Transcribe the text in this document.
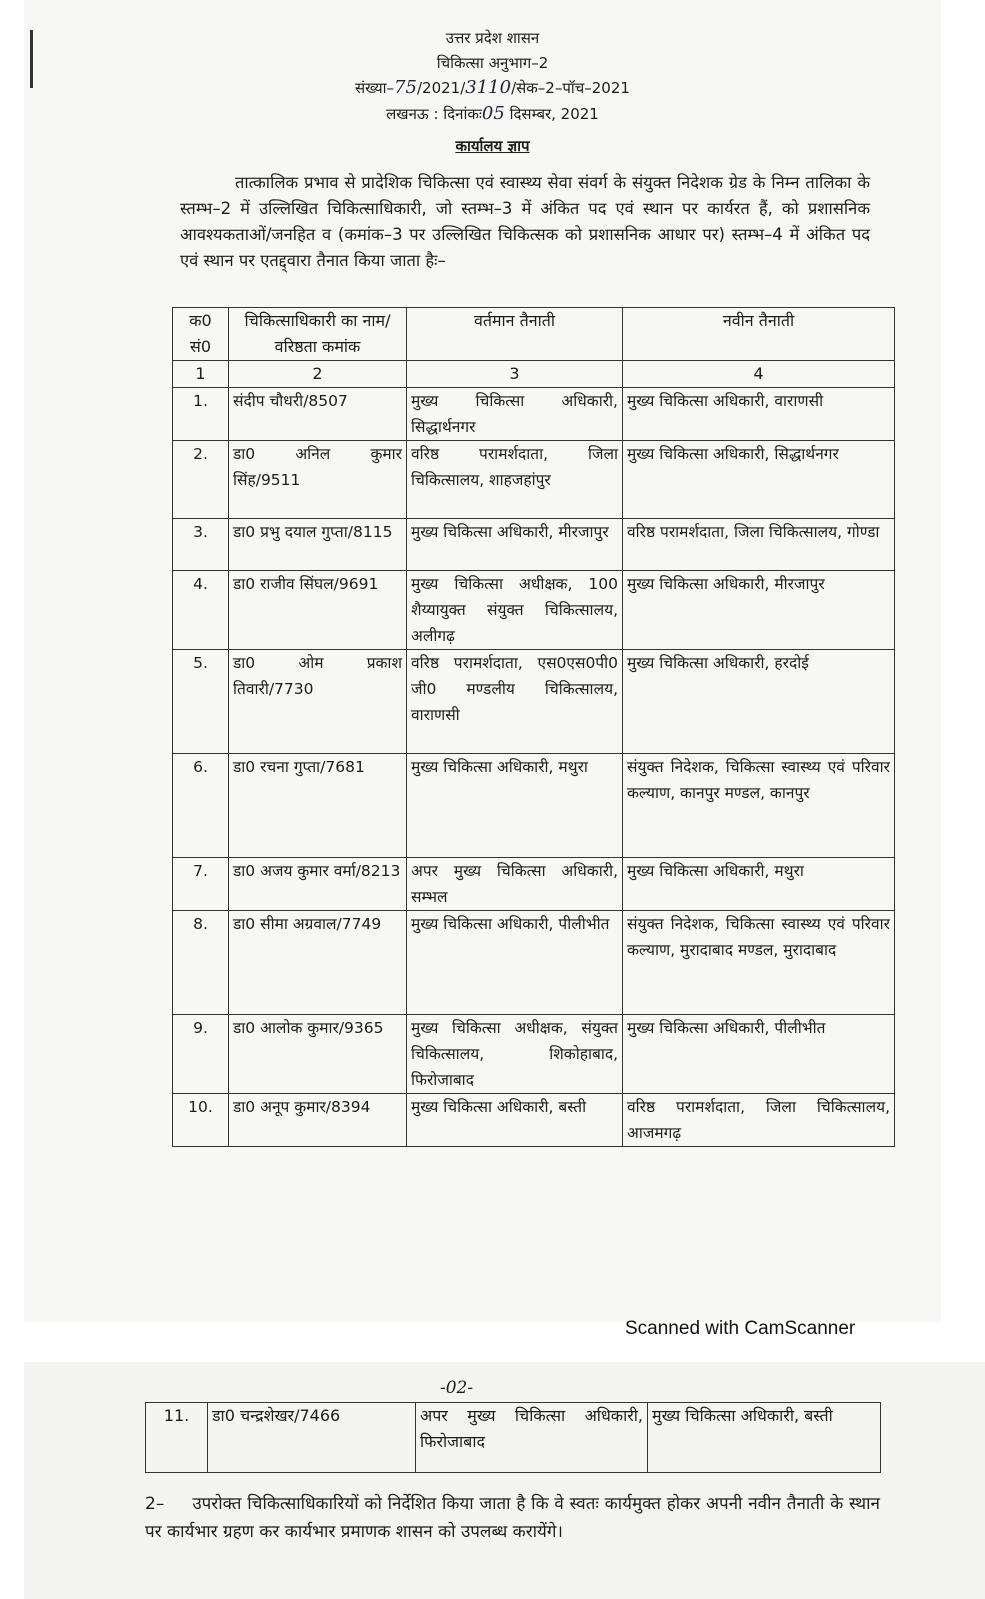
उत्तर प्रदेश शासन
चिकित्सा अनुभाग–2
संख्या–75/2021/3110/सेक–2–पॉच–2021
लखनऊ : दिनांकः05 दिसम्बर, 2021
कार्यालय ज्ञाप

तात्कालिक प्रभाव से प्रादेशिक चिकित्सा एवं स्वास्थ्य सेवा संवर्ग के संयुक्त निदेशक ग्रेड के निम्न तालिका के स्तम्भ–2 में उल्लिखित चिकित्साधिकारी, जो स्तम्भ–3 में अंकित पद एवं स्थान पर कार्यरत हैं, को प्रशासनिक आवश्यकताओं/जनहित व (कमांक–3 पर उल्लिखित चिकित्सक को प्रशासनिक आधार पर) स्तम्भ–4 में अंकित पद एवं स्थान पर एतद्द्वारा तैनात किया जाता हैः–

क0 सं0	चिकित्साधिकारी का नाम/वरिष्ठता कमांक	वर्तमान तैनाती	नवीन तैनाती
1	2	3	4
1.	संदीप चौधरी/8507	मुख्य चिकित्सा अधिकारी, सिद्धार्थनगर	मुख्य चिकित्सा अधिकारी, वाराणसी
2.	डा0 अनिल कुमार सिंह/9511	वरिष्ठ परामर्शदाता, जिला चिकित्सालय, शाहजहांपुर	मुख्य चिकित्सा अधिकारी, सिद्धार्थनगर
3.	डा0 प्रभु दयाल गुप्ता/8115	मुख्य चिकित्सा अधिकारी, मीरजापुर	वरिष्ठ परामर्शदाता, जिला चिकित्सालय, गोण्डा
4.	डा0 राजीव सिंघल/9691	मुख्य चिकित्सा अधीक्षक, 100 शैय्यायुक्त संयुक्त चिकित्सालय, अलीगढ़	मुख्य चिकित्सा अधिकारी, मीरजापुर
5.	डा0 ओम प्रकाश तिवारी/7730	वरिष्ठ परामर्शदाता, एस0एस0पी0 जी0 मण्डलीय चिकित्सालय, वाराणसी	मुख्य चिकित्सा अधिकारी, हरदोई
6.	डा0 रचना गुप्ता/7681	मुख्य चिकित्सा अधिकारी, मथुरा	संयुक्त निदेशक, चिकित्सा स्वास्थ्य एवं परिवार कल्याण, कानपुर मण्डल, कानपुर
7.	डा0 अजय कुमार वर्मा/8213	अपर मुख्य चिकित्सा अधिकारी, सम्भल	मुख्य चिकित्सा अधिकारी, मथुरा
8.	डा0 सीमा अग्रवाल/7749	मुख्य चिकित्सा अधिकारी, पीलीभीत	संयुक्त निदेशक, चिकित्सा स्वास्थ्य एवं परिवार कल्याण, मुरादाबाद मण्डल, मुरादाबाद
9.	डा0 आलोक कुमार/9365	मुख्य चिकित्सा अधीक्षक, संयुक्त चिकित्सालय, शिकोहाबाद, फिरोजाबाद	मुख्य चिकित्सा अधिकारी, पीलीभीत
10.	डा0 अनूप कुमार/8394	मुख्य चिकित्सा अधिकारी, बस्ती	वरिष्ठ परामर्शदाता, जिला चिकित्सालय, आजमगढ़
Scanned with CamScanner
-02-
11.	डा0 चन्द्रशेखर/7466	अपर मुख्य चिकित्सा अधिकारी, फिरोजाबाद	मुख्य चिकित्सा अधिकारी, बस्ती
2– उपरोक्त चिकित्साधिकारियों को निर्देशित किया जाता है कि वे स्वतः कार्यमुक्त होकर अपनी नवीन तैनाती के स्थान पर कार्यभार ग्रहण कर कार्यभार प्रमाणक शासन को उपलब्ध करायेंगे।
